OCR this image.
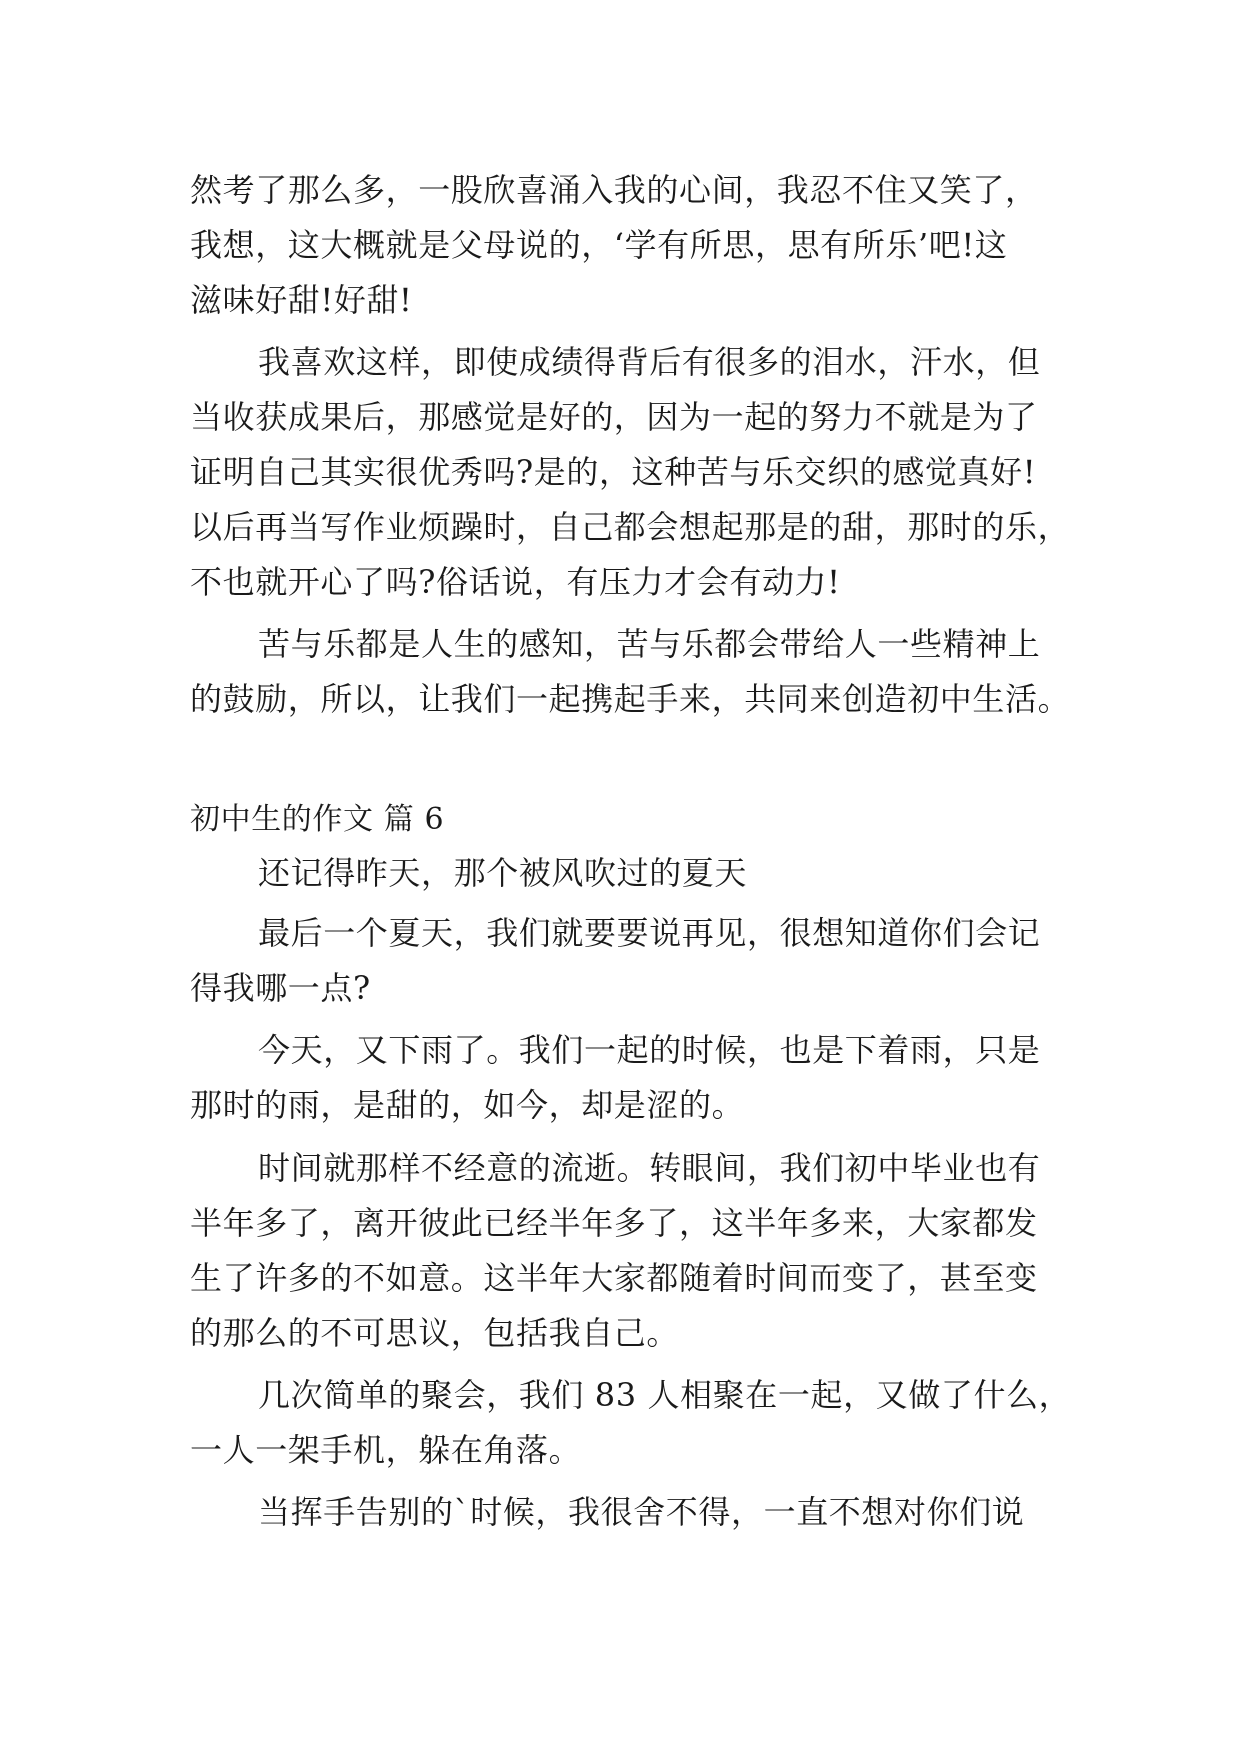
然考了那么多，一股欣喜涌入我的心间，我忍不住又笑了，
我想，这大概就是父母说的，‘学有所思，思有所乐’吧!这
滋味好甜!好甜!
我喜欢这样，即使成绩得背后有很多的泪水，汗水，但
当收获成果后，那感觉是好的，因为一起的努力不就是为了
证明自己其实很优秀吗?是的，这种苦与乐交织的感觉真好!
以后再当写作业烦躁时，自己都会想起那是的甜，那时的乐，
不也就开心了吗?俗话说，有压力才会有动力!
苦与乐都是人生的感知，苦与乐都会带给人一些精神上
的鼓励，所以，让我们一起携起手来，共同来创造初中生活。
初中生的作文 篇 6
还记得昨天，那个被风吹过的夏天
最后一个夏天，我们就要要说再见，很想知道你们会记
得我哪一点?
今天，又下雨了。我们一起的时候，也是下着雨，只是
那时的雨，是甜的，如今，却是涩的。
时间就那样不经意的流逝。转眼间，我们初中毕业也有
半年多了，离开彼此已经半年多了，这半年多来，大家都发
生了许多的不如意。这半年大家都随着时间而变了，甚至变
的那么的不可思议，包括我自己。
几次简单的聚会，我们 83 人相聚在一起，又做了什么，
一人一架手机，躲在角落。
当挥手告别的`时候，我很舍不得，一直不想对你们说
